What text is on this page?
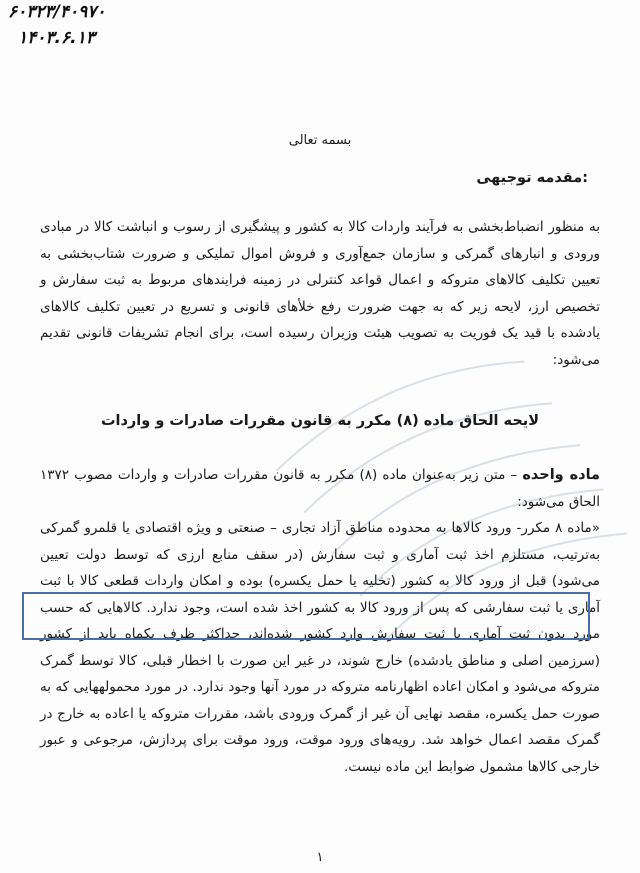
۶۰۳۲۳/۴۰۹۷۰
۱۴۰۳.۶.۱۳
بسمه تعالی
مقدمه توجیهی:

به منظور انضباط‌بخشی به فرآیند واردات کالا به کشور و پیشگیری از رسوب و انباشت کالا در مبادی ورودی و انبارهای گمرکی و سازمان جمع‌آوری و فروش اموال تملیکی و ضرورت شتاب‌بخشی به تعیین تکلیف کالاهای متروکه و اعمال قواعد کنترلی در زمینه فرایندهای مربوط به ثبت سفارش و تخصیص ارز، لایحه زیر که به جهت ضرورت رفع خلأهای قانونی و تسریع در تعیین تکلیف کالاهای یادشده با قید یک فوریت به تصویب هیئت وزیران رسیده است، برای انجام تشریفات قانونی تقدیم می‌شود:

لایحه الحاق ماده (۸) مکرر به قانون مقررات صادرات و واردات

ماده واحده – متن زیر به‌عنوان ماده (۸) مکرر به قانون مقررات صادرات و واردات مصوب ۱۳۷۲ الحاق می‌شود:

«ماده ۸ مکرر- ورود کالاها به محدوده مناطق آزاد تجاری – صنعتی و ویژه اقتصادی یا قلمرو گمرکی به‌ترتیب، مستلزم اخذ ثبت آماری و ثبت سفارش (در سقف منابع ارزی که توسط دولت تعیین می‌شود) قبل از ورود کالا به کشور (تخلیه یا حمل یکسره) بوده و امکان واردات قطعی کالا با ثبت آماری یا ثبت سفارشی که پس از ورود کالا به کشور اخذ شده است، وجود ندارد. کالاهایی که حسب مورد بدون ثبت آماری یا ثبت سفارش وارد کشور شده‌اند، حداکثر ظرف یکماه باید از کشور (سرزمین اصلی و مناطق یادشده) خارج شوند، در غیر این صورت با اخطار قبلی، کالا توسط گمرک متروکه می‌شود و امکان اعاده اظهارنامه متروکه در مورد آنها وجود ندارد. در مورد محمولههایی که به صورت حمل یکسره، مقصد نهایی آن غیر از گمرک ورودی باشد، مقررات متروکه یا اعاده به خارج در گمرک مقصد اعمال خواهد شد. رویه‌های ورود موقت، ورود موقت برای پردازش، مرجوعی و عبور خارجی کالاها مشمول ضوابط این ماده نیست.

۱
